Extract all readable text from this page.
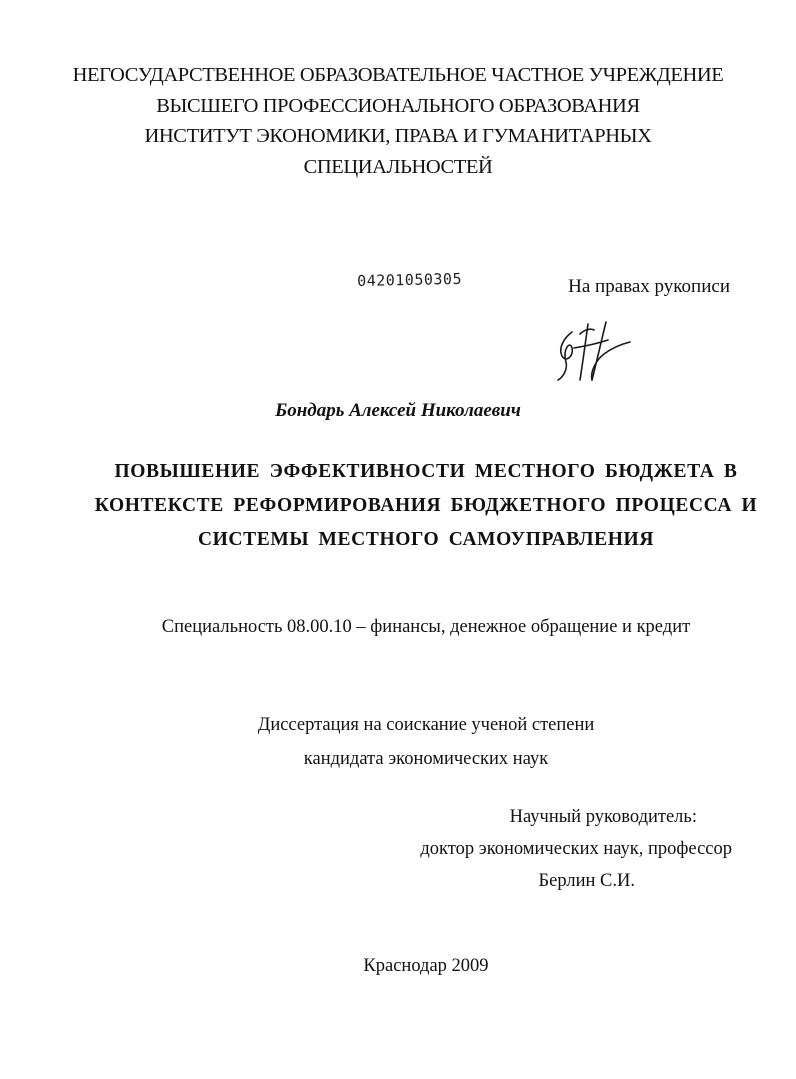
НЕГОСУДАРСТВЕННОЕ ОБРАЗОВАТЕЛЬНОЕ ЧАСТНОЕ УЧРЕЖДЕНИЕ
ВЫСШЕГО ПРОФЕССИОНАЛЬНОГО ОБРАЗОВАНИЯ
ИНСТИТУТ ЭКОНОМИКИ, ПРАВА И ГУМАНИТАРНЫХ
СПЕЦИАЛЬНОСТЕЙ
04201050305	На правах рукописи
Бондарь Алексей Николаевич
ПОВЫШЕНИЕ ЭФФЕКТИВНОСТИ МЕСТНОГО БЮДЖЕТА В
КОНТЕКСТЕ РЕФОРМИРОВАНИЯ БЮДЖЕТНОГО ПРОЦЕССА И
СИСТЕМЫ МЕСТНОГО САМОУПРАВЛЕНИЯ
Специальность 08.00.10 – финансы, денежное обращение и кредит
Диссертация на соискание ученой степени
кандидата экономических наук
Научный руководитель:
доктор экономических наук, профессор
Берлин С.И.
Краснодар 2009
